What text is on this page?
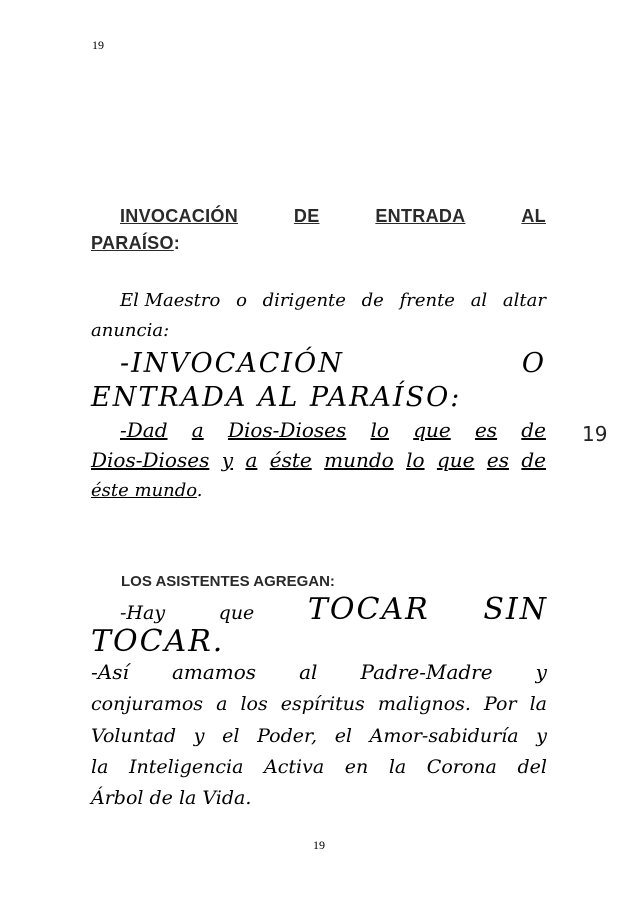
19
INVOCACIÓN	DE	ENTRADA	AL
PARAÍSO:
El Maestro o dirigente de frente al altar
anuncia:
-INVOCACIÓN	O
ENTRADA AL PARAÍSO:
-Dad a Dios-Dioses lo que es de
Dios-Dioses y a éste mundo lo que es de
éste mundo.
19
LOS ASISTENTES AGREGAN:
-Hay	que TOCAR SIN
TOCAR.
-Así amamos al Padre-Madre y
conjuramos a los espíritus malignos. Por la
Voluntad y el Poder, el Amor-sabiduría y
la Inteligencia Activa en la Corona del
Árbol de la Vida.
19
